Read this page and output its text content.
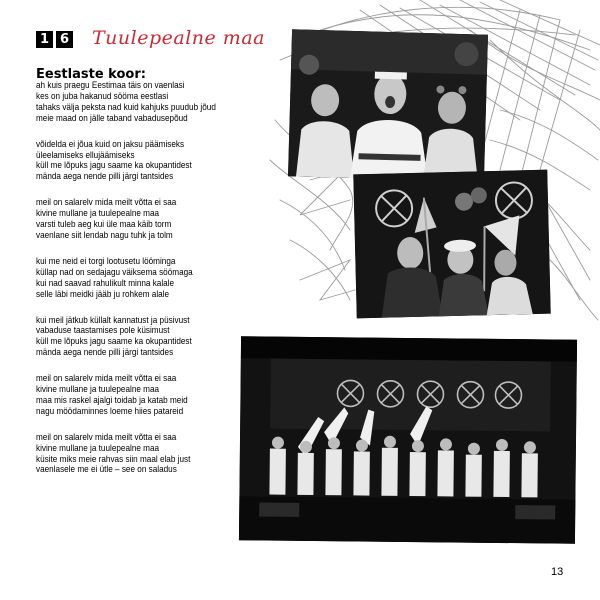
1 6 Tuulepealne maa
Eestlaste koor:
ah kuis praegu Eestimaa täis on vaenlasi
kes on juba hakanud sööma eestlasi
tahaks välja peksta nad kuid kahjuks puudub jõud
meie maad on jälle taband vabadusepõud
võidelda ei jõua kuid on jaksu päämiseks
üleelamiseks ellujäämiseks
küll me lõpuks jagu saame ka okupantidest
mända aega nende pilli järgi tantsides
meil on salarelv mida meilt võtta ei saa
kivine mullane ja tuulepealne maa
varsti tuleb aeg kui üle maa käib torm
vaenlane siit lendab nagu tuhk ja tolm
kui me neid ei torgi lootusetu lööminga
küllap nad on sedajagu väiksema söömaga
kui nad saavad rahulikult minna kalale
selle läbi meidki jääb ju rohkem alale
kui meil jätkub küllalt kannatust ja püsivust
vabaduse taastamises pole küsimust
küll me lõpuks jagu saame ka okupantidest
mända aega nende pilli järgi tantsides
meil on salarelv mida meilt võtta ei saa
kivine mullane ja tuulepealne maa
maa mis raskel ajalgi toidab ja katab meid
nagu möödaminnes loeme hiies patareid
meil on salarelv mida meilt võtta ei saa
kivine mullane ja tuulepealne maa
küsite miks meie rahvas siin maal elab just
vaenlasele me ei ütle – see on saladus
13
